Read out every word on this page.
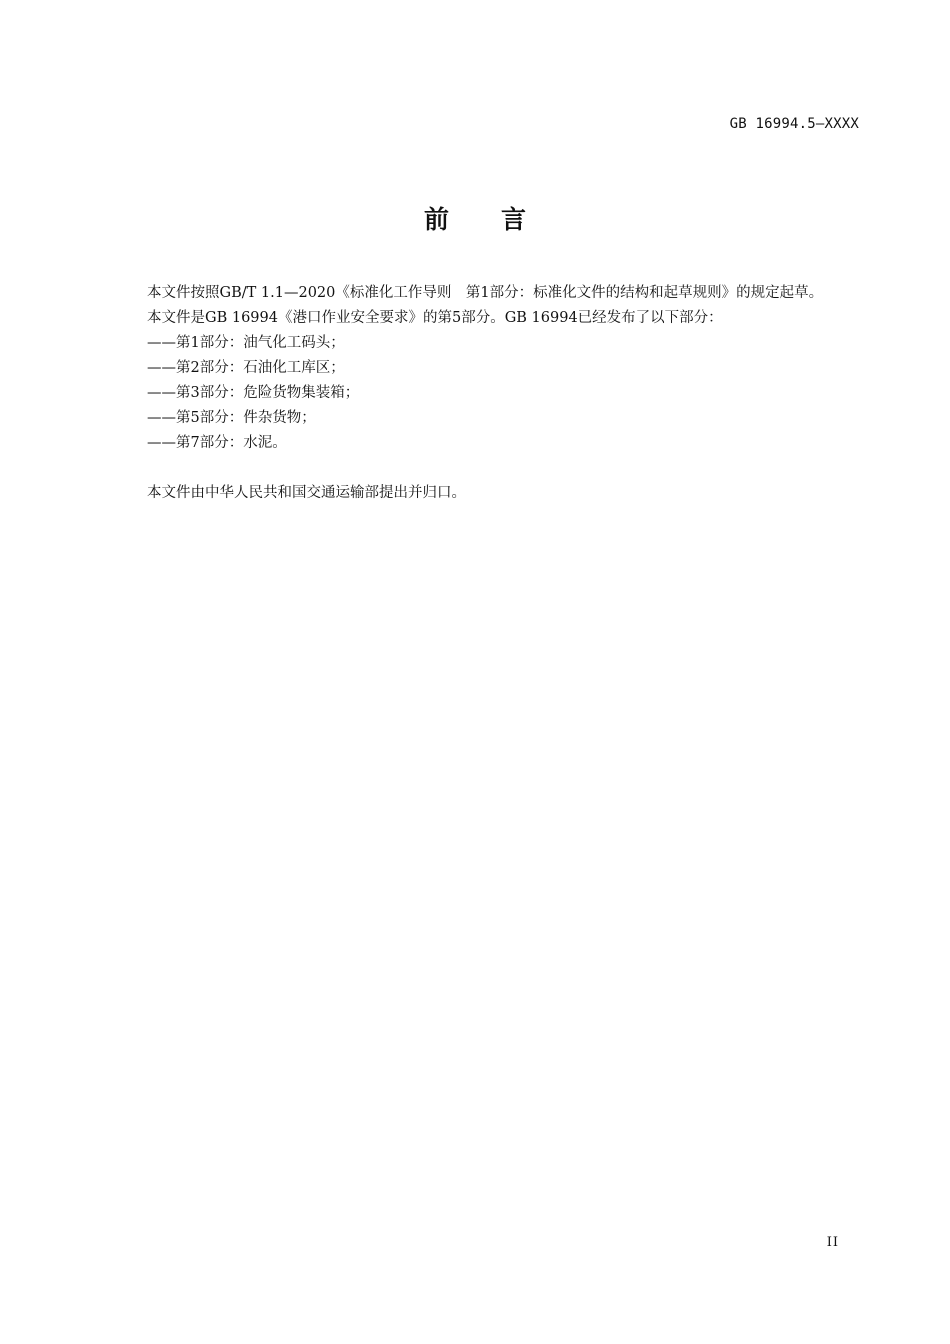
GB 16994.5—XXXX
前 言

本文件按照GB/T 1.1—2020《标准化工作导则　第1部分：标准化文件的结构和起草规则》的规定起草。

本文件是GB 16994《港口作业安全要求》的第5部分。GB 16994已经发布了以下部分：

——第1部分：油气化工码头；

——第2部分：石油化工库区；

——第3部分：危险货物集装箱；

——第5部分：件杂货物；

——第7部分：水泥。

本文件由中华人民共和国交通运输部提出并归口。

II
